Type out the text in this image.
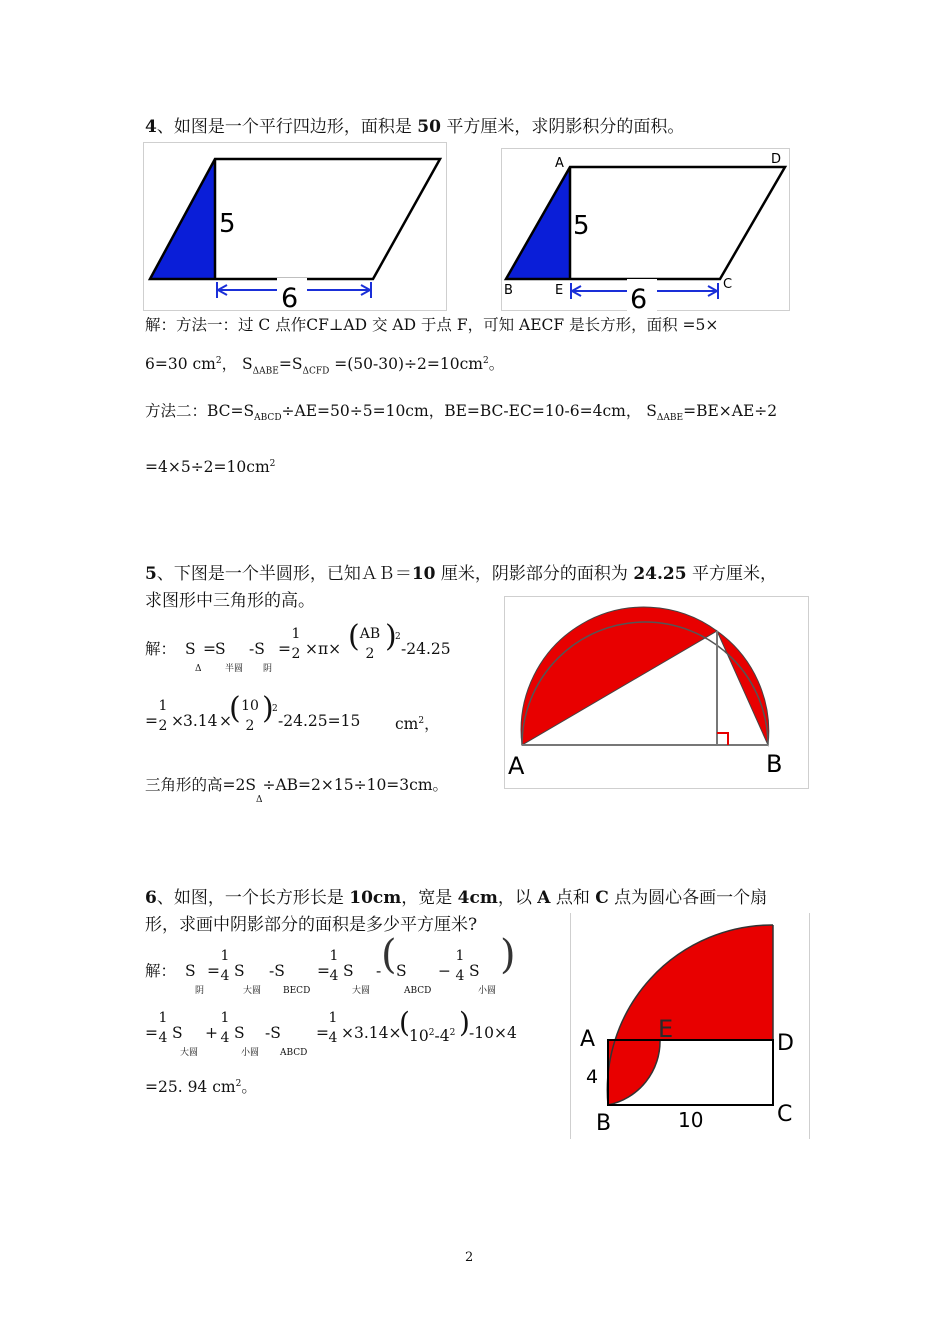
4、如图是一个平行四边形，面积是 50 平方厘米，求阴影积分的面积。
5
6
A	D
B	E	C
5
6
解：方法一：过 C 点作CF⊥AD 交 AD 于点 F，可知 AECF 是长方形，面积 =5×
6=30 $cm^2$， $S_{\Delta ABE}=S_{\Delta CFD} =(50-30)\div 2=10cm^2$。
方法二：$BC=S_{ABCD}\div AE=50\div 5=10cm$，BE=BC-EC=10-6=4cm， $S_{\Delta ABE}=BE\times AE\div 2$
$=4\times 5\div 2=10cm^2$
5、下图是一个半圆形，已知ＡＢ＝10 厘米，阴影部分的面积为 24.25 平方厘米，
求图形中三角形的高。
A	B
解： S
Δ
= S
半圆
-S
阴
=
1
2 ×π× ( AB
2 )
2
-24.25
=
1
2 × 3.14 ×
( 10
2 )
2
-24.25=15 $cm^2$，
三角形的高$=2S_\Delta\div AB=2\times 15\div 10=3cm$。
6、如图，一个长方形长是 10cm，宽是 4cm，以 A 点和 C 点为圆心各画一个扇
形，求画中阴影部分的面积是多少平方厘米?
A	D
E
4
B	10	C
解： S
阴
=
1
4 S
大圆
-S
BECD
=
1
4 S
大圆
- ( S
ABCD
−
1
4 S
小圆
)
=
1
4 S
大圆
+
1
4 S
小圆
-S
ABCD
=
1
4 ×3.14×
( $10^2-4^2$ ) -10×4
=25. 94 $cm^2$。
2
